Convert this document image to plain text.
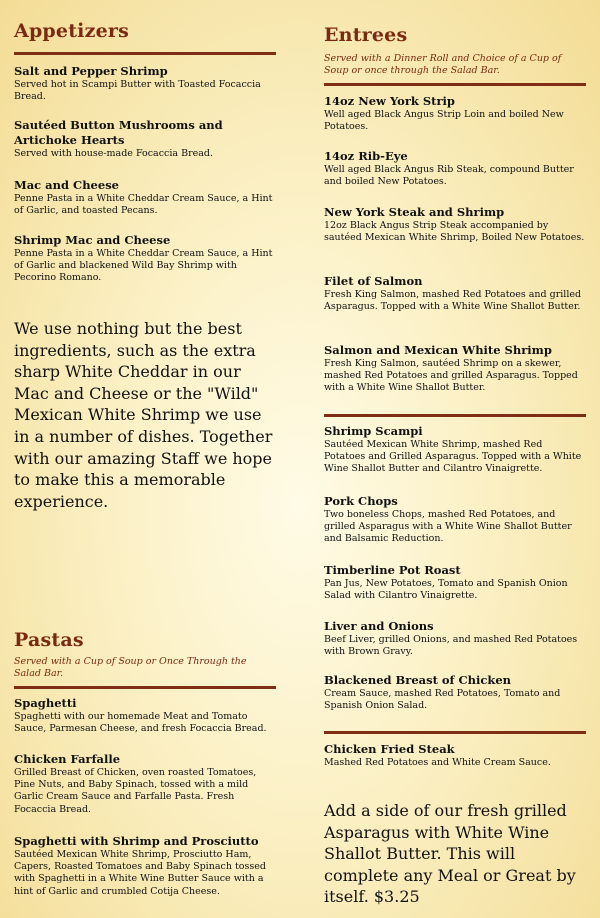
Appetizers
Salt and Pepper Shrimp
Served hot in Scampi Butter with Toasted Focaccia Bread.
Sautéed Button Mushrooms and Artichoke Hearts
Served with house-made Focaccia Bread.
Mac and Cheese
Penne Pasta in a White Cheddar Cream Sauce, a Hint of Garlic, and toasted Pecans.
Shrimp Mac and Cheese
Penne Pasta in a White Cheddar Cream Sauce, a Hint of Garlic and blackened Wild Bay Shrimp with Pecorino Romano.
We use nothing but the best ingredients, such as the extra sharp White Cheddar in our Mac and Cheese or the "Wild" Mexican White Shrimp we use in a number of dishes. Together with our amazing Staff we hope to make this a memorable experience.
Pastas
Served with a Cup of Soup or Once Through the Salad Bar.
Spaghetti
Spaghetti with our homemade Meat and Tomato Sauce, Parmesan Cheese, and fresh Focaccia Bread.
Chicken Farfalle
Grilled Breast of Chicken, oven roasted Tomatoes, Pine Nuts, and Baby Spinach, tossed with a mild Garlic Cream Sauce and Farfalle Pasta. Fresh Focaccia Bread.
Spaghetti with Shrimp and Prosciutto
Sautéed Mexican White Shrimp, Prosciutto Ham, Capers, Roasted Tomatoes and Baby Spinach tossed with Spaghetti in a White Wine Butter Sauce with a hint of Garlic and crumbled Cotija Cheese.
Entrees
Served with a Dinner Roll and Choice of a Cup of Soup or once through the Salad Bar.
14oz New York Strip
Well aged Black Angus Strip Loin and boiled New Potatoes.
14oz Rib-Eye
Well aged Black Angus Rib Steak, compound Butter and boiled New Potatoes.
New York Steak and Shrimp
12oz Black Angus Strip Steak accompanied by sautéed Mexican White Shrimp, Boiled New Potatoes.
Filet of Salmon
Fresh King Salmon, mashed Red Potatoes and grilled Asparagus. Topped with a White Wine Shallot Butter.
Salmon and Mexican White Shrimp
Fresh King Salmon, sautéed Shrimp on a skewer, mashed Red Potatoes and grilled Asparagus. Topped with a White Wine Shallot Butter.
Shrimp Scampi
Sautéed Mexican White Shrimp, mashed Red Potatoes and Grilled Asparagus. Topped with a White Wine Shallot Butter and Cilantro Vinaigrette.
Pork Chops
Two boneless Chops, mashed Red Potatoes, and grilled Asparagus with a White Wine Shallot Butter and Balsamic Reduction.
Timberline Pot Roast
Pan Jus, New Potatoes, Tomato and Spanish Onion Salad with Cilantro Vinaigrette.
Liver and Onions
Beef Liver, grilled Onions, and mashed Red Potatoes with Brown Gravy.
Blackened Breast of Chicken
Cream Sauce, mashed Red Potatoes, Tomato and Spanish Onion Salad.
Chicken Fried Steak
Mashed Red Potatoes and White Cream Sauce.
Add a side of our fresh grilled Asparagus with White Wine Shallot Butter. This will complete any Meal or Great by itself. $3.25
